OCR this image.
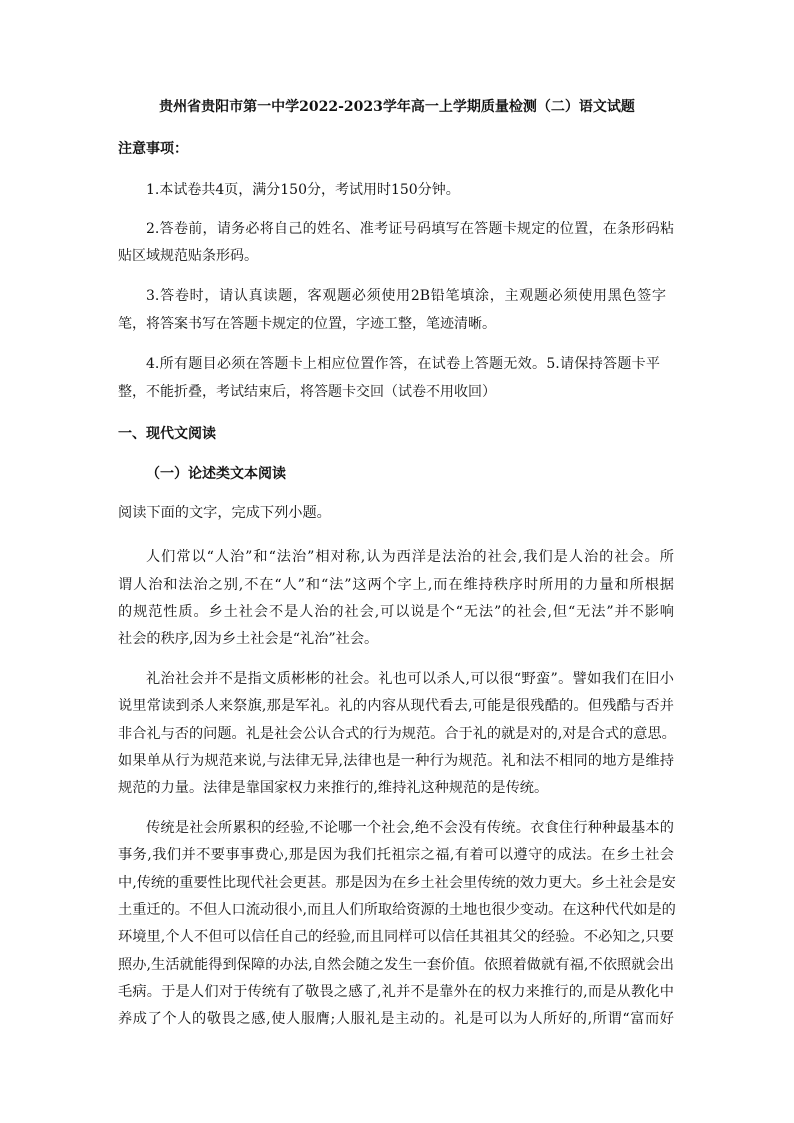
贵州省贵阳市第一中学2022-2023学年高一上学期质量检测（二）语文试题
注意事项：
1.本试卷共4页，满分150分，考试用时150分钟。
2.答卷前，请务必将自己的姓名、准考证号码填写在答题卡规定的位置，在条形码粘
贴区域规范贴条形码。
3.答卷时，请认真读题，客观题必须使用2B铅笔填涂，主观题必须使用黑色签字
笔，将答案书写在答题卡规定的位置，字迹工整，笔迹清晰。
4.所有题目必须在答题卡上相应位置作答，在试卷上答题无效。5.请保持答题卡平
整，不能折叠，考试结束后，将答题卡交回（试卷不用收回）
一、现代文阅读
（一）论述类文本阅读
阅读下面的文字，完成下列小题。
人们常以“人治”和“法治”相对称,认为西洋是法治的社会,我们是人治的社会。所
谓人治和法治之别,不在“人”和“法”这两个字上,而在维持秩序时所用的力量和所根据
的规范性质。乡土社会不是人治的社会,可以说是个“无法”的社会,但“无法”并不影响
社会的秩序,因为乡土社会是“礼治”社会。
礼治社会并不是指文质彬彬的社会。礼也可以杀人,可以很“野蛮”。譬如我们在旧小
说里常读到杀人来祭旗,那是军礼。礼的内容从现代看去,可能是很残酷的。但残酷与否并
非合礼与否的问题。礼是社会公认合式的行为规范。合于礼的就是对的,对是合式的意思。
如果单从行为规范来说,与法律无异,法律也是一种行为规范。礼和法不相同的地方是维持
规范的力量。法律是靠国家权力来推行的,维持礼这种规范的是传统。
传统是社会所累积的经验,不论哪一个社会,绝不会没有传统。衣食住行种种最基本的
事务,我们并不要事事费心,那是因为我们托祖宗之福,有着可以遵守的成法。在乡土社会
中,传统的重要性比现代社会更甚。那是因为在乡土社会里传统的效力更大。乡土社会是安
土重迁的。不但人口流动很小,而且人们所取给资源的土地也很少变动。在这种代代如是的
环境里,个人不但可以信任自己的经验,而且同样可以信任其祖其父的经验。不必知之,只要
照办,生活就能得到保障的办法,自然会随之发生一套价值。依照着做就有福,不依照就会出
毛病。于是人们对于传统有了敬畏之感了,礼并不是靠外在的权力来推行的,而是从教化中
养成了个人的敬畏之感,使人服膺;人服礼是主动的。礼是可以为人所好的,所谓“富而好
